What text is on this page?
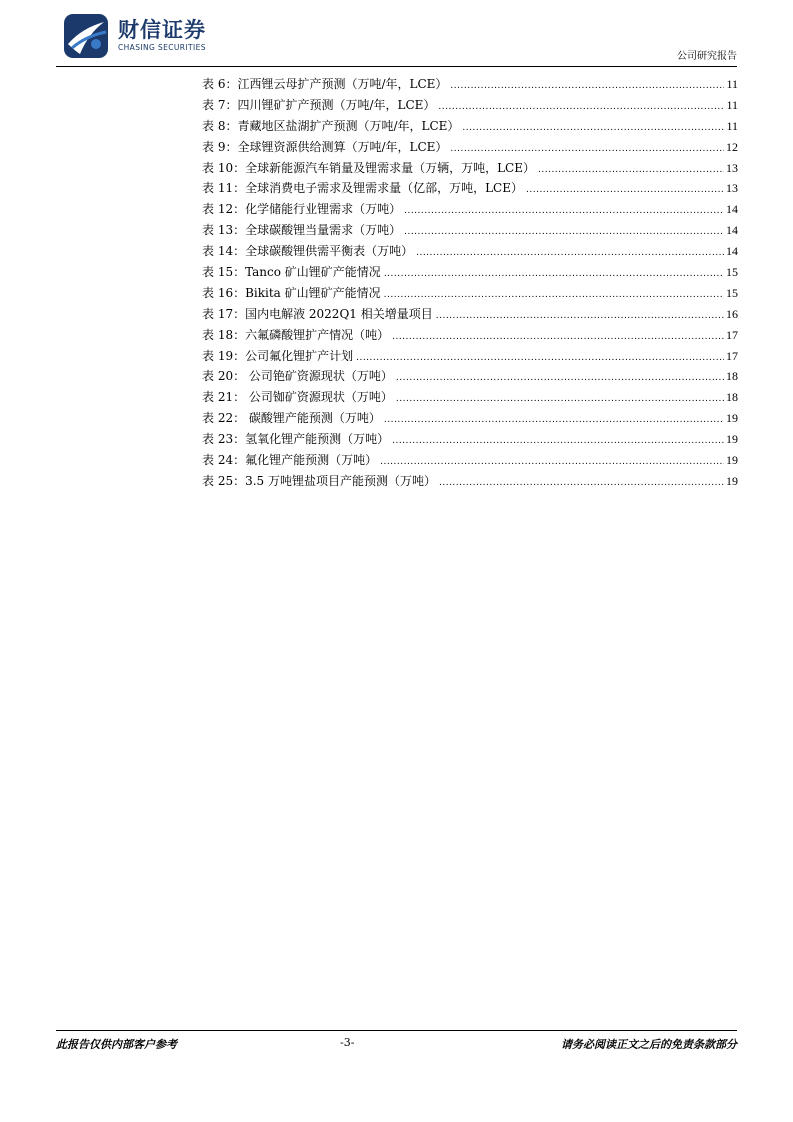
财信证券
CHASING SECURITIES
公司研究报告
表 6：江西锂云母扩产预测（万吨/年，LCE） .....	11
表 7：四川锂矿扩产预测（万吨/年，LCE） .....	11
表 8：青藏地区盐湖扩产预测（万吨/年，LCE） .....	11
表 9：全球锂资源供给测算（万吨/年，LCE） .....	12
表 10：全球新能源汽车销量及锂需求量（万辆，万吨，LCE） .....	13
表 11：全球消费电子需求及锂需求量（亿部，万吨，LCE） .....	13
表 12：化学储能行业锂需求（万吨） .....	14
表 13：全球碳酸锂当量需求（万吨） .....	14
表 14：全球碳酸锂供需平衡表（万吨） .....	14
表 15：Tanco 矿山锂矿产能情况 .....	15
表 16：Bikita 矿山锂矿产能情况 .....	15
表 17：国内电解液 2022Q1 相关增量项目 .....	16
表 18：六氟磷酸锂扩产情况（吨） .....	17
表 19：公司氟化锂扩产计划 .....	17
表 20： 公司铯矿资源现状（万吨） .....	18
表 21： 公司铷矿资源现状（万吨） .....	18
表 22： 碳酸锂产能预测（万吨） .....	19
表 23：氢氧化锂产能预测（万吨） .....	19
表 24：氟化锂产能预测（万吨） .....	19
表 25：3.5 万吨锂盐项目产能预测（万吨） .....	19
此报告仅供内部客户参考	-3-	请务必阅读正文之后的免责条款部分
